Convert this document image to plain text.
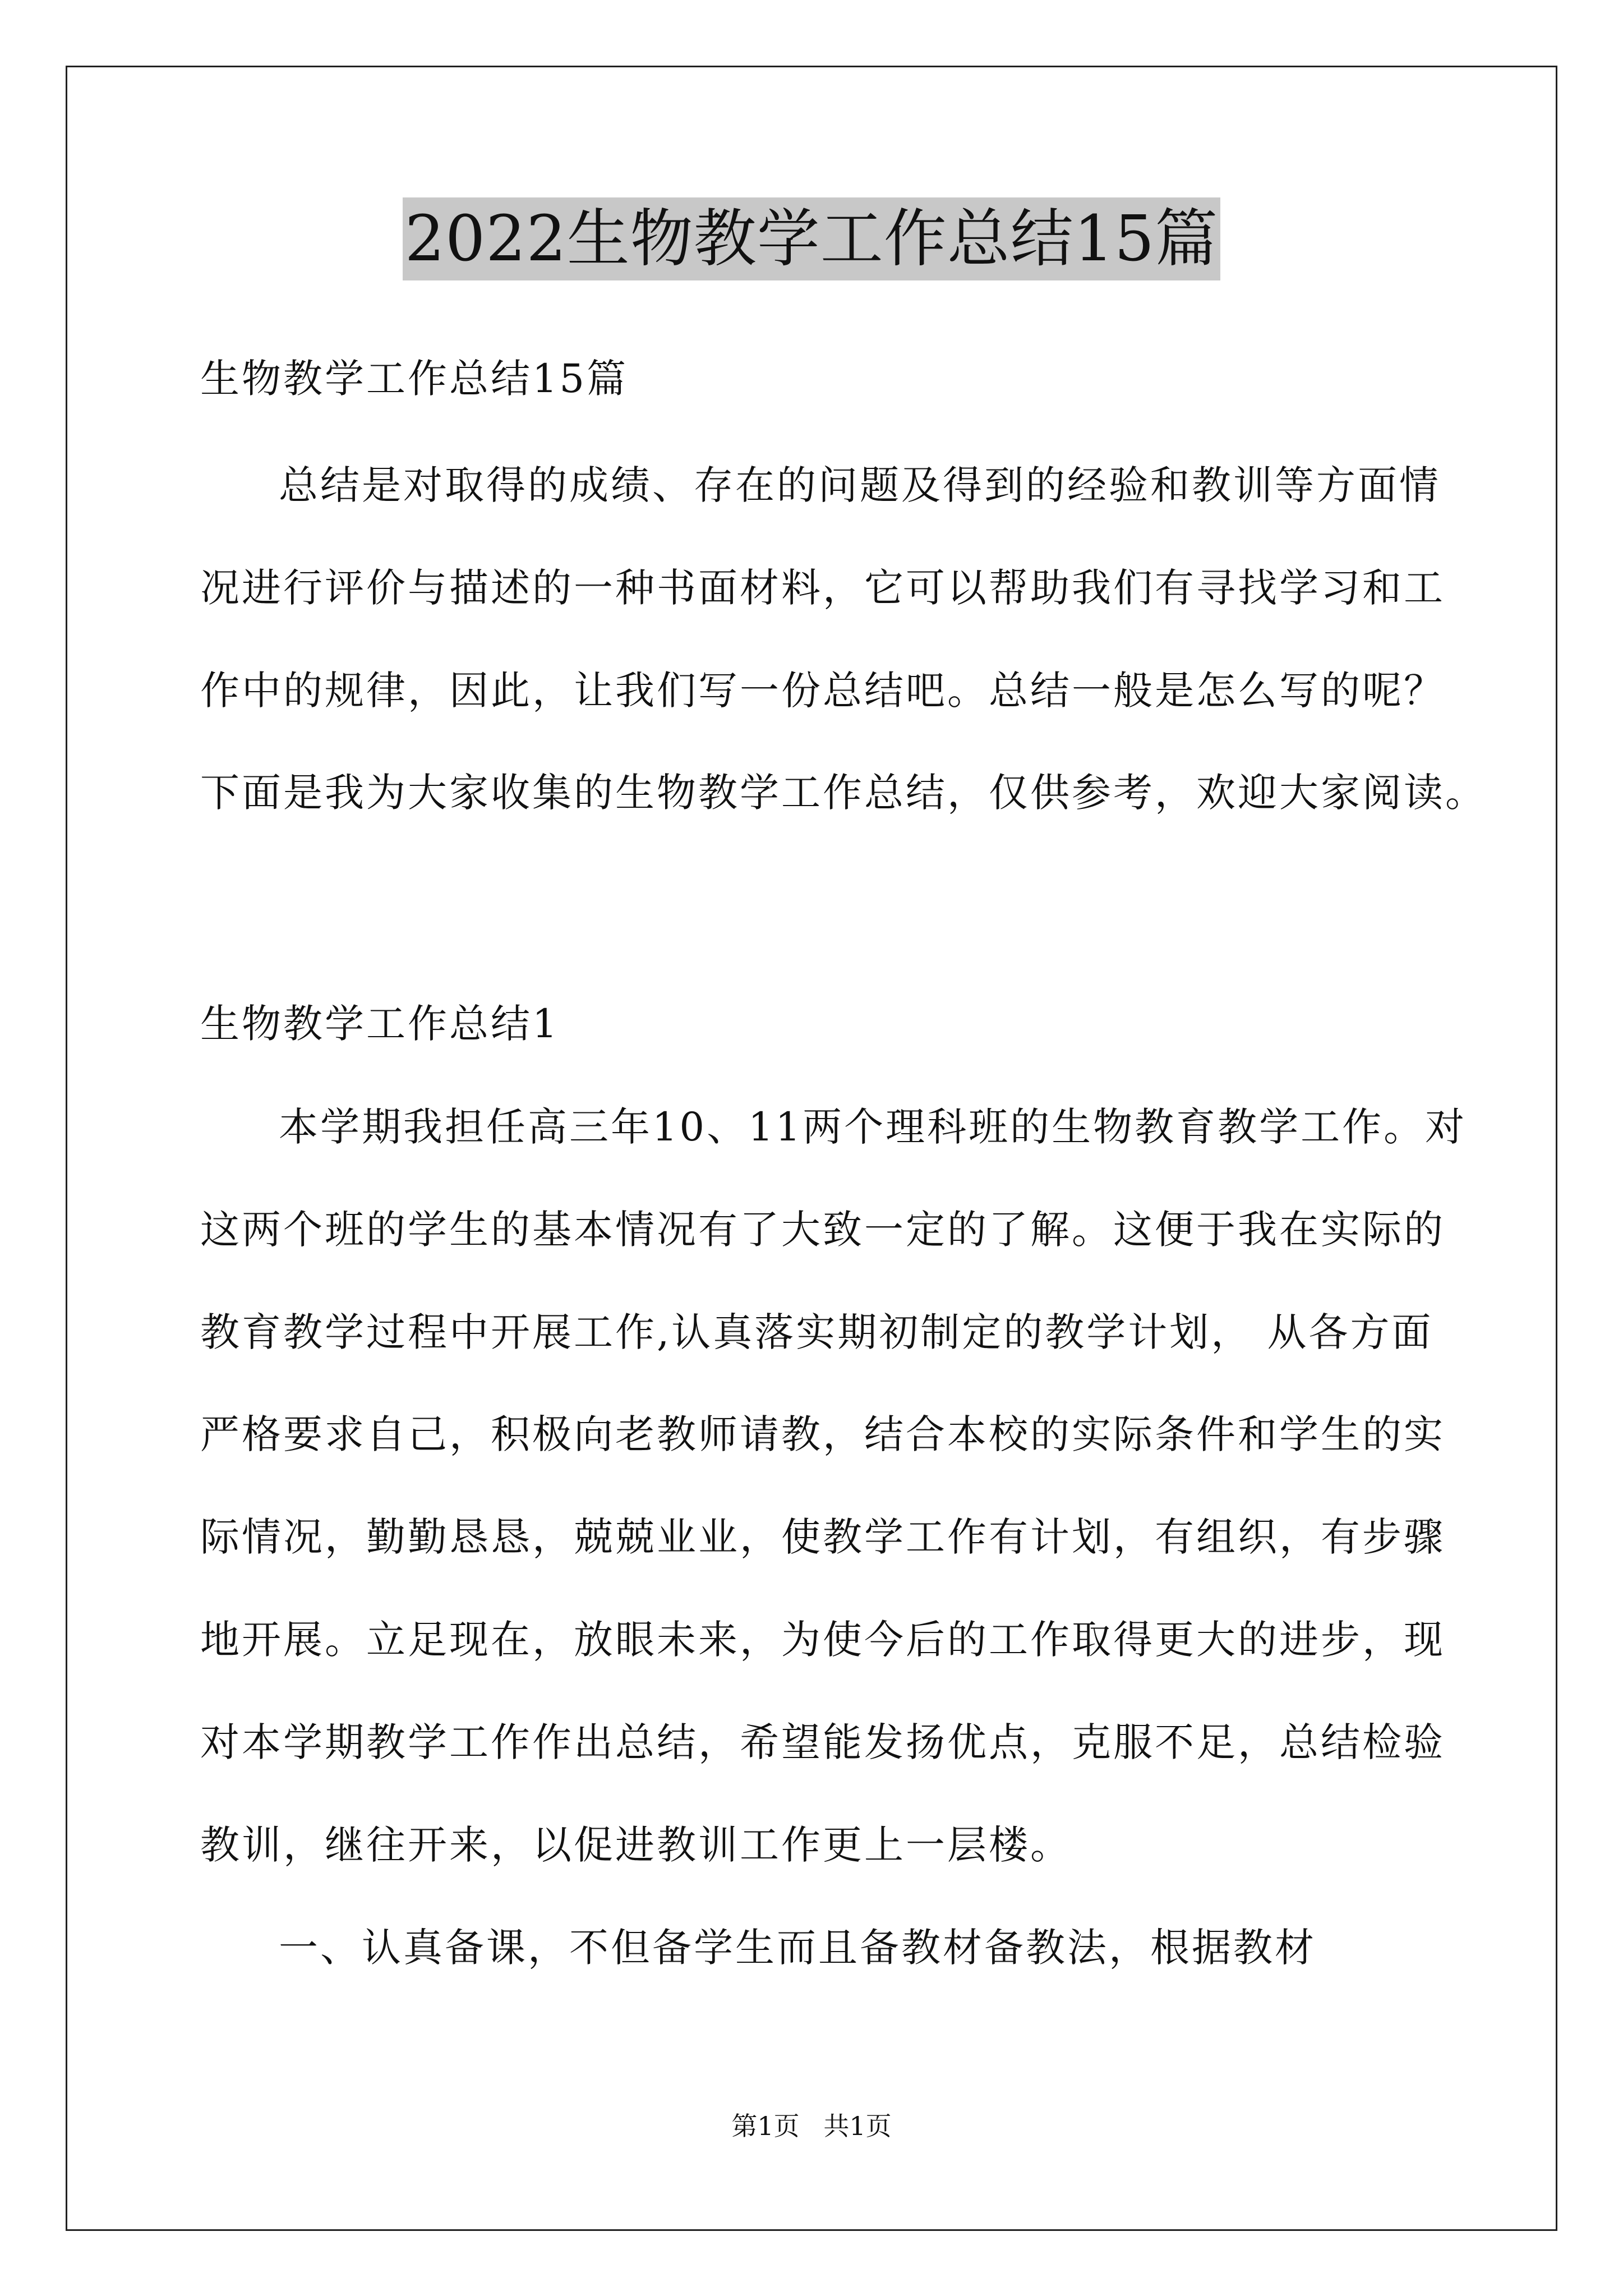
2022生物教学工作总结15篇
生物教学工作总结15篇
总结是对取得的成绩、存在的问题及得到的经验和教训等方面情
况进行评价与描述的一种书面材料，它可以帮助我们有寻找学习和工
作中的规律，因此，让我们写一份总结吧。总结一般是怎么写的呢？
下面是我为大家收集的生物教学工作总结，仅供参考，欢迎大家阅读。
生物教学工作总结1
本学期我担任高三年10、11两个理科班的生物教育教学工作。对
这两个班的学生的基本情况有了大致一定的了解。这便于我在实际的
教育教学过程中开展工作,认真落实期初制定的教学计划， 从各方面
严格要求自己，积极向老教师请教，结合本校的实际条件和学生的实
际情况，勤勤恳恳，兢兢业业，使教学工作有计划，有组织，有步骤
地开展。立足现在，放眼未来，为使今后的工作取得更大的进步，现
对本学期教学工作作出总结，希望能发扬优点，克服不足，总结检验
教训，继往开来，以促进教训工作更上一层楼。
一、认真备课，不但备学生而且备教材备教法，根据教材
第1页 共1页
